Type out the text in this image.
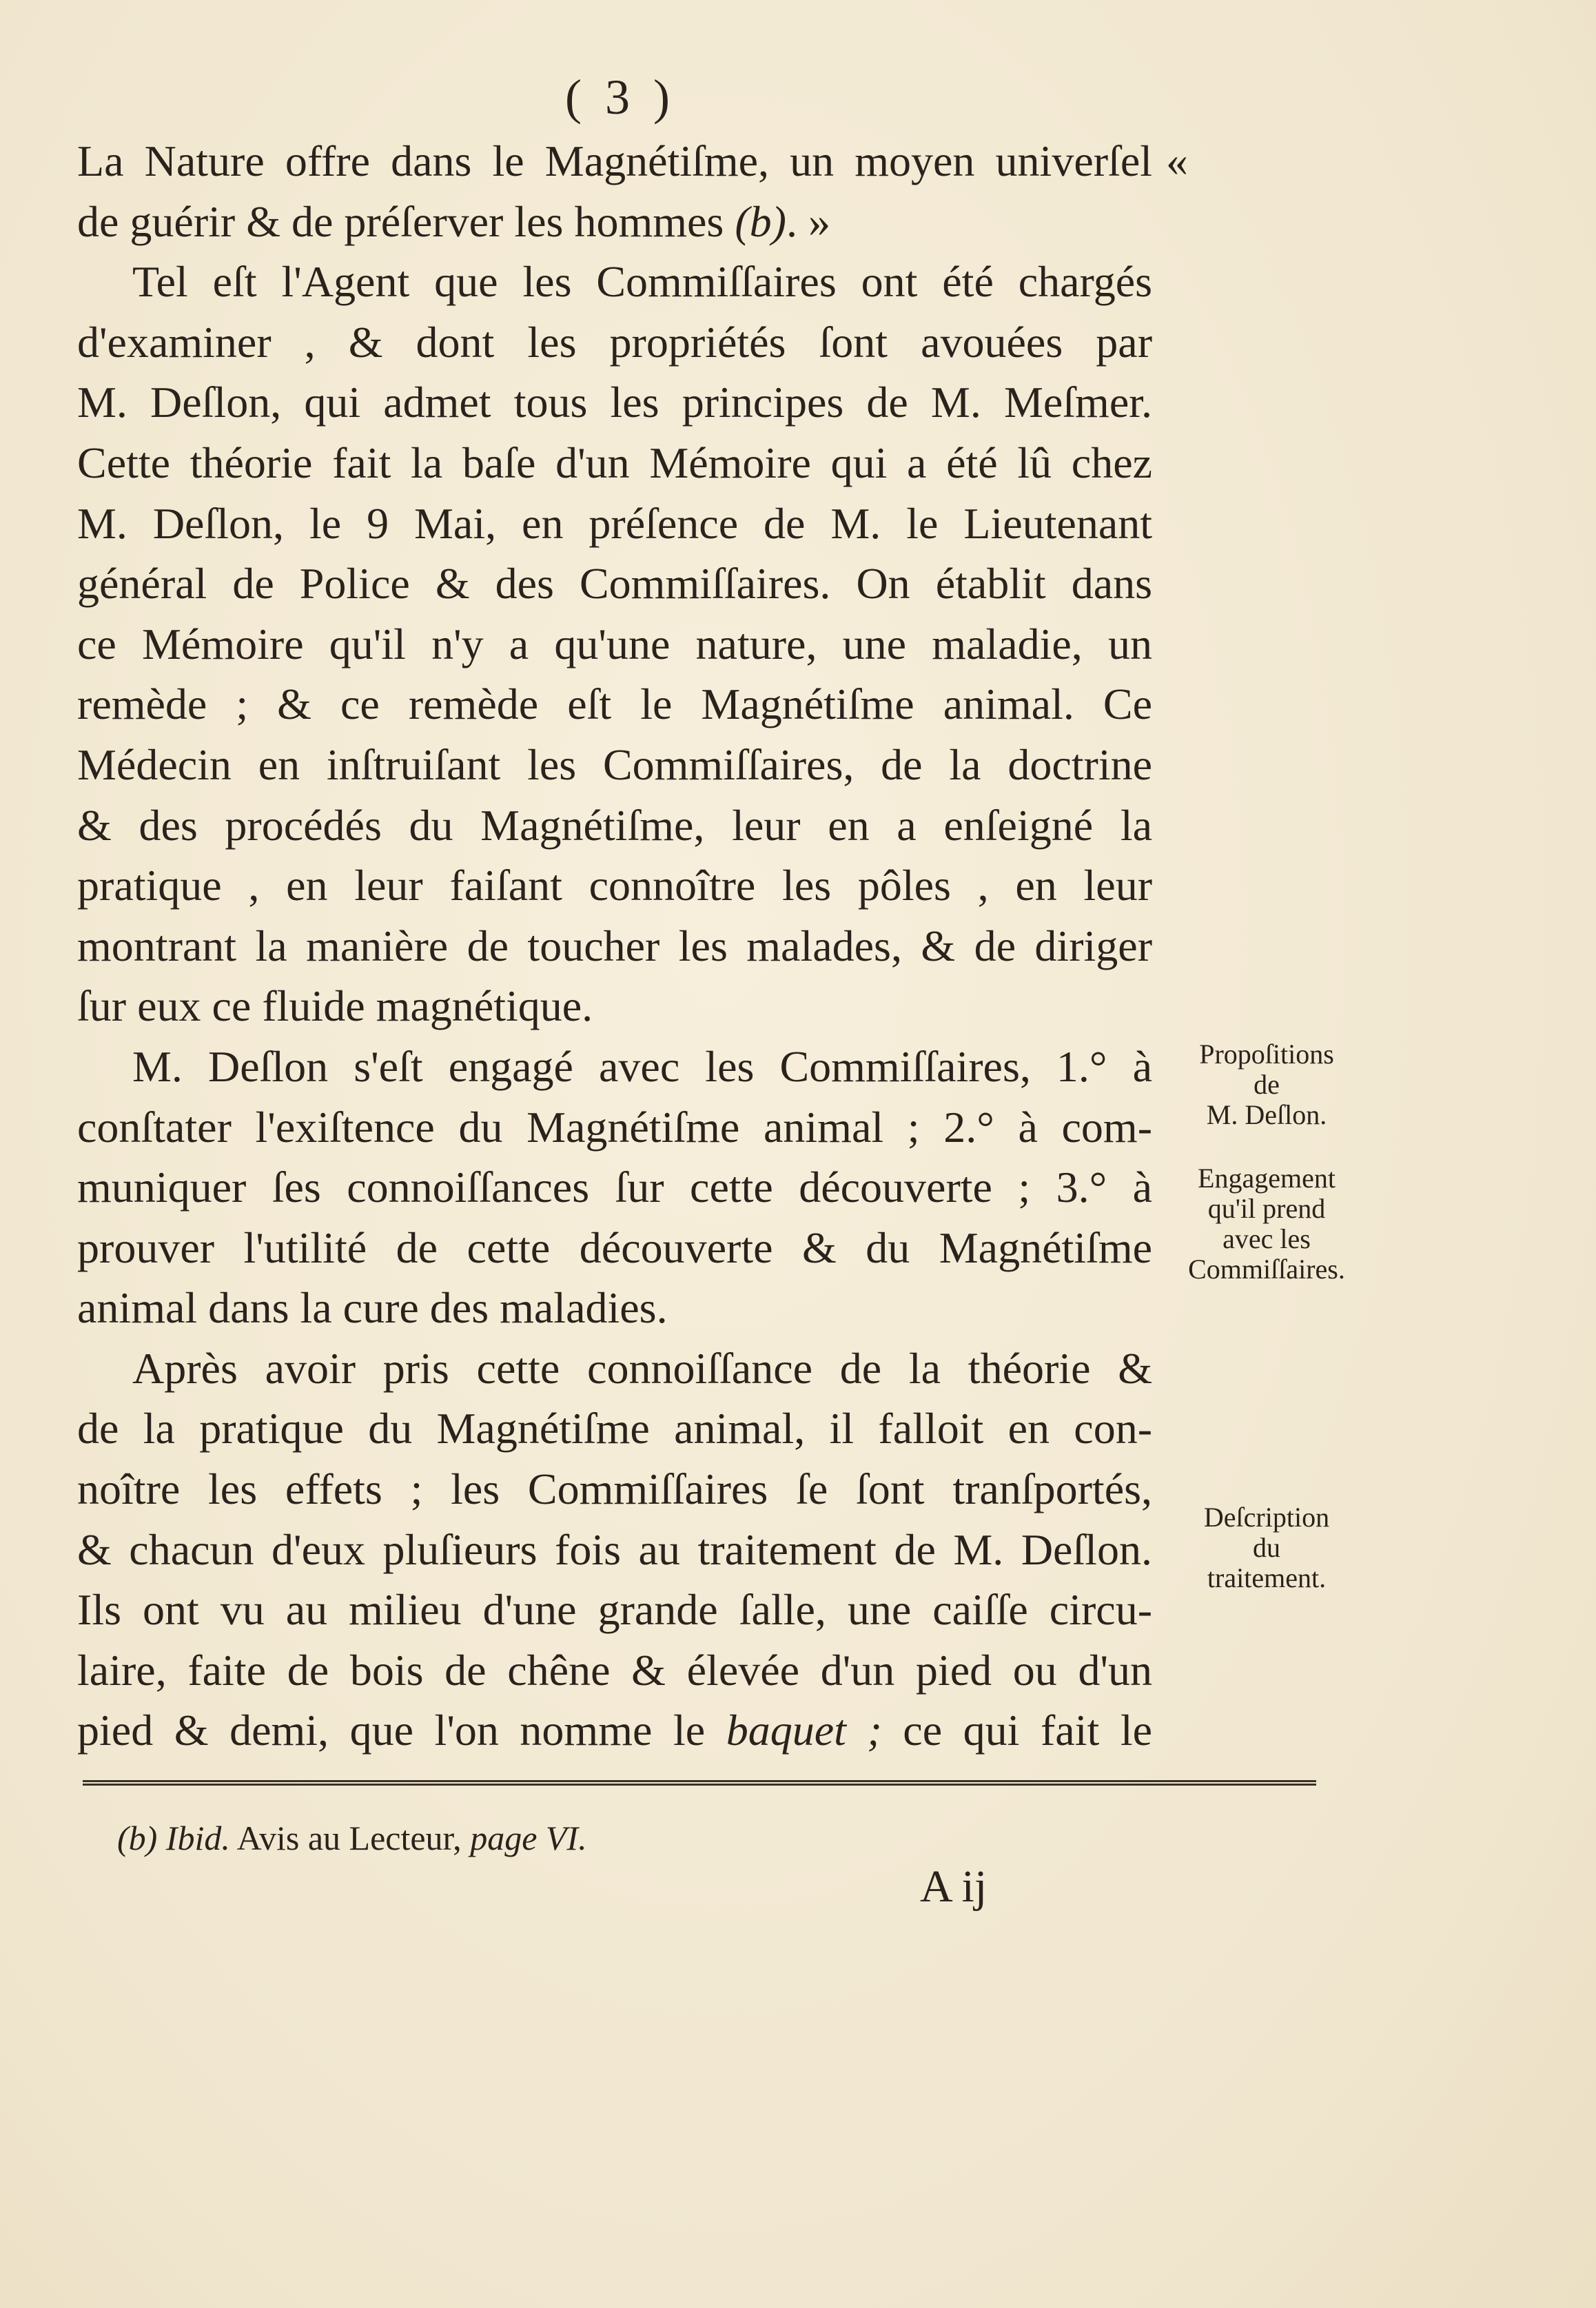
( 3 )
La Nature offre dans le Magnétiſme, un moyen univerſel «
de guérir & de préſerver les hommes (b). »
Tel eſt l'Agent que les Commiſſaires ont été chargés
d'examiner , & dont les propriétés ſont avouées par
M. Deſlon, qui admet tous les principes de M. Meſmer.
Cette théorie fait la baſe d'un Mémoire qui a été lû chez
M. Deſlon, le 9 Mai, en préſence de M. le Lieutenant
général de Police & des Commiſſaires. On établit dans
ce Mémoire qu'il n'y a qu'une nature, une maladie, un
remède ; & ce remède eſt le Magnétiſme animal. Ce
Médecin en inſtruiſant les Commiſſaires, de la doctrine
& des procédés du Magnétiſme, leur en a enſeigné la
pratique , en leur faiſant connoître les pôles , en leur
montrant la manière de toucher les malades, & de diriger
ſur eux ce fluide magnétique.
M. Deſlon s'eſt engagé avec les Commiſſaires, 1.° à
conſtater l'exiſtence du Magnétiſme animal ; 2.° à com-
muniquer ſes connoiſſances ſur cette découverte ; 3.° à
prouver l'utilité de cette découverte & du Magnétiſme
animal dans la cure des maladies.
Après avoir pris cette connoiſſance de la théorie &
de la pratique du Magnétiſme animal, il falloit en con-
noître les effets ; les Commiſſaires ſe ſont tranſportés,
& chacun d'eux pluſieurs fois au traitement de M. Deſlon.
Ils ont vu au milieu d'une grande ſalle, une caiſſe circu-
laire, faite de bois de chêne & élevée d'un pied ou d'un
pied & demi, que l'on nomme le baquet ; ce qui fait le
Propoſitions
de
M. Deſlon.
Engagement
qu'il prend
avec les
Commiſſaires.
Deſcription
du
traitement.
(b) Ibid. Avis au Lecteur, page VI.
A ij
